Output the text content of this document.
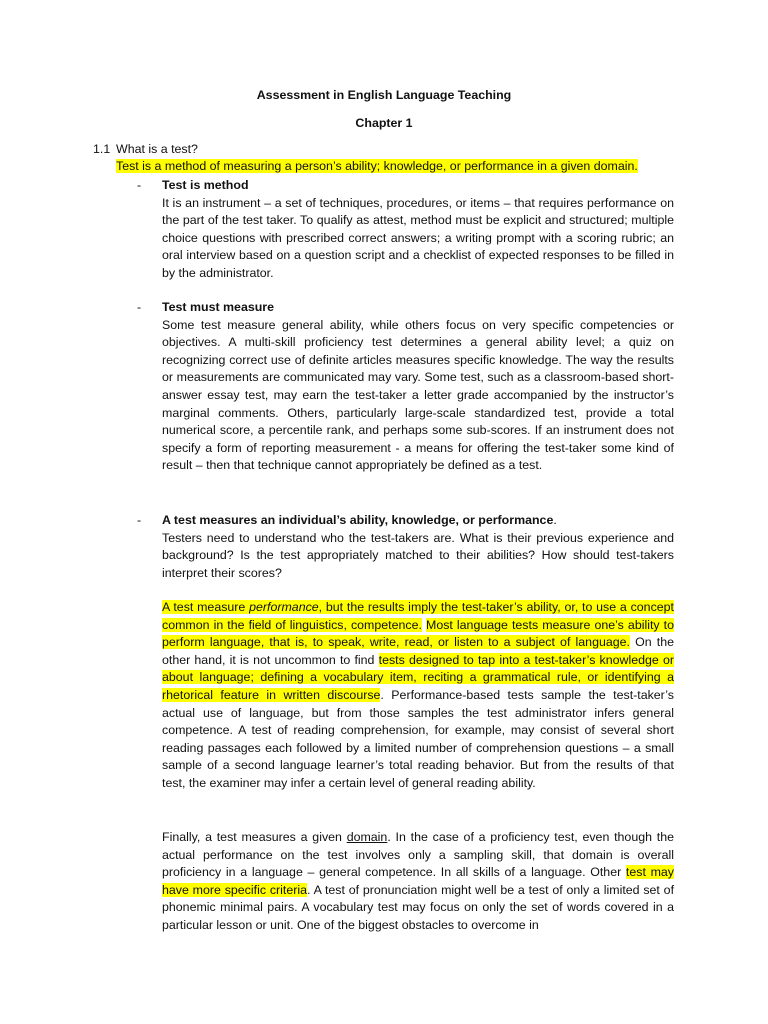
Assessment in English Language Teaching
Chapter 1
1.1 What is a test?
Test is a method of measuring a person’s ability; knowledge, or performance in a given domain.
- Test is method

It is an instrument – a set of techniques, procedures, or items – that requires performance on the part of the test taker. To qualify as attest, method must be explicit and structured; multiple choice questions with prescribed correct answers; a writing prompt with a scoring rubric; an oral interview based on a question script and a checklist of expected responses to be filled in by the administrator.

- Test must measure

Some test measure general ability, while others focus on very specific competencies or objectives. A multi-skill proficiency test determines a general ability level; a quiz on recognizing correct use of definite articles measures specific knowledge. The way the results or measurements are communicated may vary. Some test, such as a classroom-based short-answer essay test, may earn the test-taker a letter grade accompanied by the instructor’s marginal comments. Others, particularly large-scale standardized test, provide a total numerical score, a percentile rank, and perhaps some sub-scores. If an instrument does not specify a form of reporting measurement - a means for offering the test-taker some kind of result – then that technique cannot appropriately be defined as a test.

- A test measures an individual’s ability, knowledge, or performance.

Testers need to understand who the test-takers are. What is their previous experience and background? Is the test appropriately matched to their abilities? How should test-takers interpret their scores?

A test measure performance, but the results imply the test-taker’s ability, or, to use a concept common in the field of linguistics, competence. Most language tests measure one’s ability to perform language, that is, to speak, write, read, or listen to a subject of language. On the other hand, it is not uncommon to find tests designed to tap into a test-taker’s knowledge or about language; defining a vocabulary item, reciting a grammatical rule, or identifying a rhetorical feature in written discourse. Performance-based tests sample the test-taker’s actual use of language, but from those samples the test administrator infers general competence. A test of reading comprehension, for example, may consist of several short reading passages each followed by a limited number of comprehension questions – a small sample of a second language learner’s total reading behavior. But from the results of that test, the examiner may infer a certain level of general reading ability.

Finally, a test measures a given domain. In the case of a proficiency test, even though the actual performance on the test involves only a sampling skill, that domain is overall proficiency in a language – general competence. In all skills of a language. Other test may have more specific criteria. A test of pronunciation might well be a test of only a limited set of phonemic minimal pairs. A vocabulary test may focus on only the set of words covered in a particular lesson or unit. One of the biggest obstacles to overcome in
